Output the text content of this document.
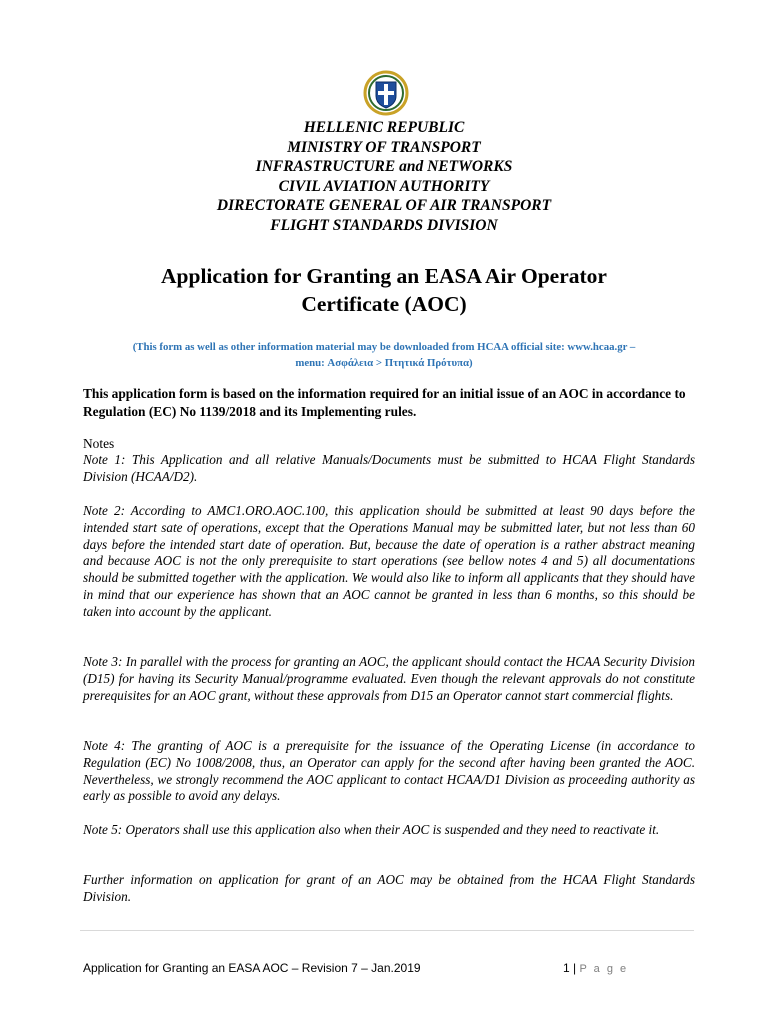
HELLENIC REPUBLIC
MINISTRY OF TRANSPORT
INFRASTRUCTURE and NETWORKS
CIVIL AVIATION AUTHORITY
DIRECTORATE GENERAL OF AIR TRANSPORT
FLIGHT STANDARDS DIVISION
Application for Granting an EASA Air Operator
Certificate (AOC)
(This form as well as other information material may be downloaded from HCAA official site: www.hcaa.gr –
menu: Ασφάλεια > Πτητικά Πρότυπα)
This application form is based on the information required for an initial issue of an AOC in accordance to Regulation (EC) No 1139/2018 and its Implementing rules.
Notes
Note 1: This Application and all relative Manuals/Documents must be submitted to HCAA Flight Standards Division (HCAA/D2).
Note 2: According to AMC1.ORO.AOC.100, this application should be submitted at least 90 days before the intended start sate of operations, except that the Operations Manual may be submitted later, but not less than 60 days before the intended start date of operation. But, because the date of operation is a rather abstract meaning and because AOC is not the only prerequisite to start operations (see bellow notes 4 and 5) all documentations should be submitted together with the application. We would also like to inform all applicants that they should have in mind that our experience has shown that an AOC cannot be granted in less than 6 months, so this should be taken into account by the applicant.
Note 3: In parallel with the process for granting an AOC, the applicant should contact the HCAA Security Division (D15) for having its Security Manual/programme evaluated. Even though the relevant approvals do not constitute prerequisites for an AOC grant, without these approvals from D15 an Operator cannot start commercial flights.
Note 4: The granting of AOC is a prerequisite for the issuance of the Operating License (in accordance to Regulation (EC) No 1008/2008, thus, an Operator can apply for the second after having been granted the AOC. Nevertheless, we strongly recommend the AOC applicant to contact HCAA/D1 Division as proceeding authority as early as possible to avoid any delays.
Note 5: Operators shall use this application also when their AOC is suspended and they need to reactivate it.
Further information on application for grant of an AOC may be obtained from the HCAA Flight Standards Division.
Application for Granting an EASA AOC – Revision 7 – Jan.2019	1 | P a g e
